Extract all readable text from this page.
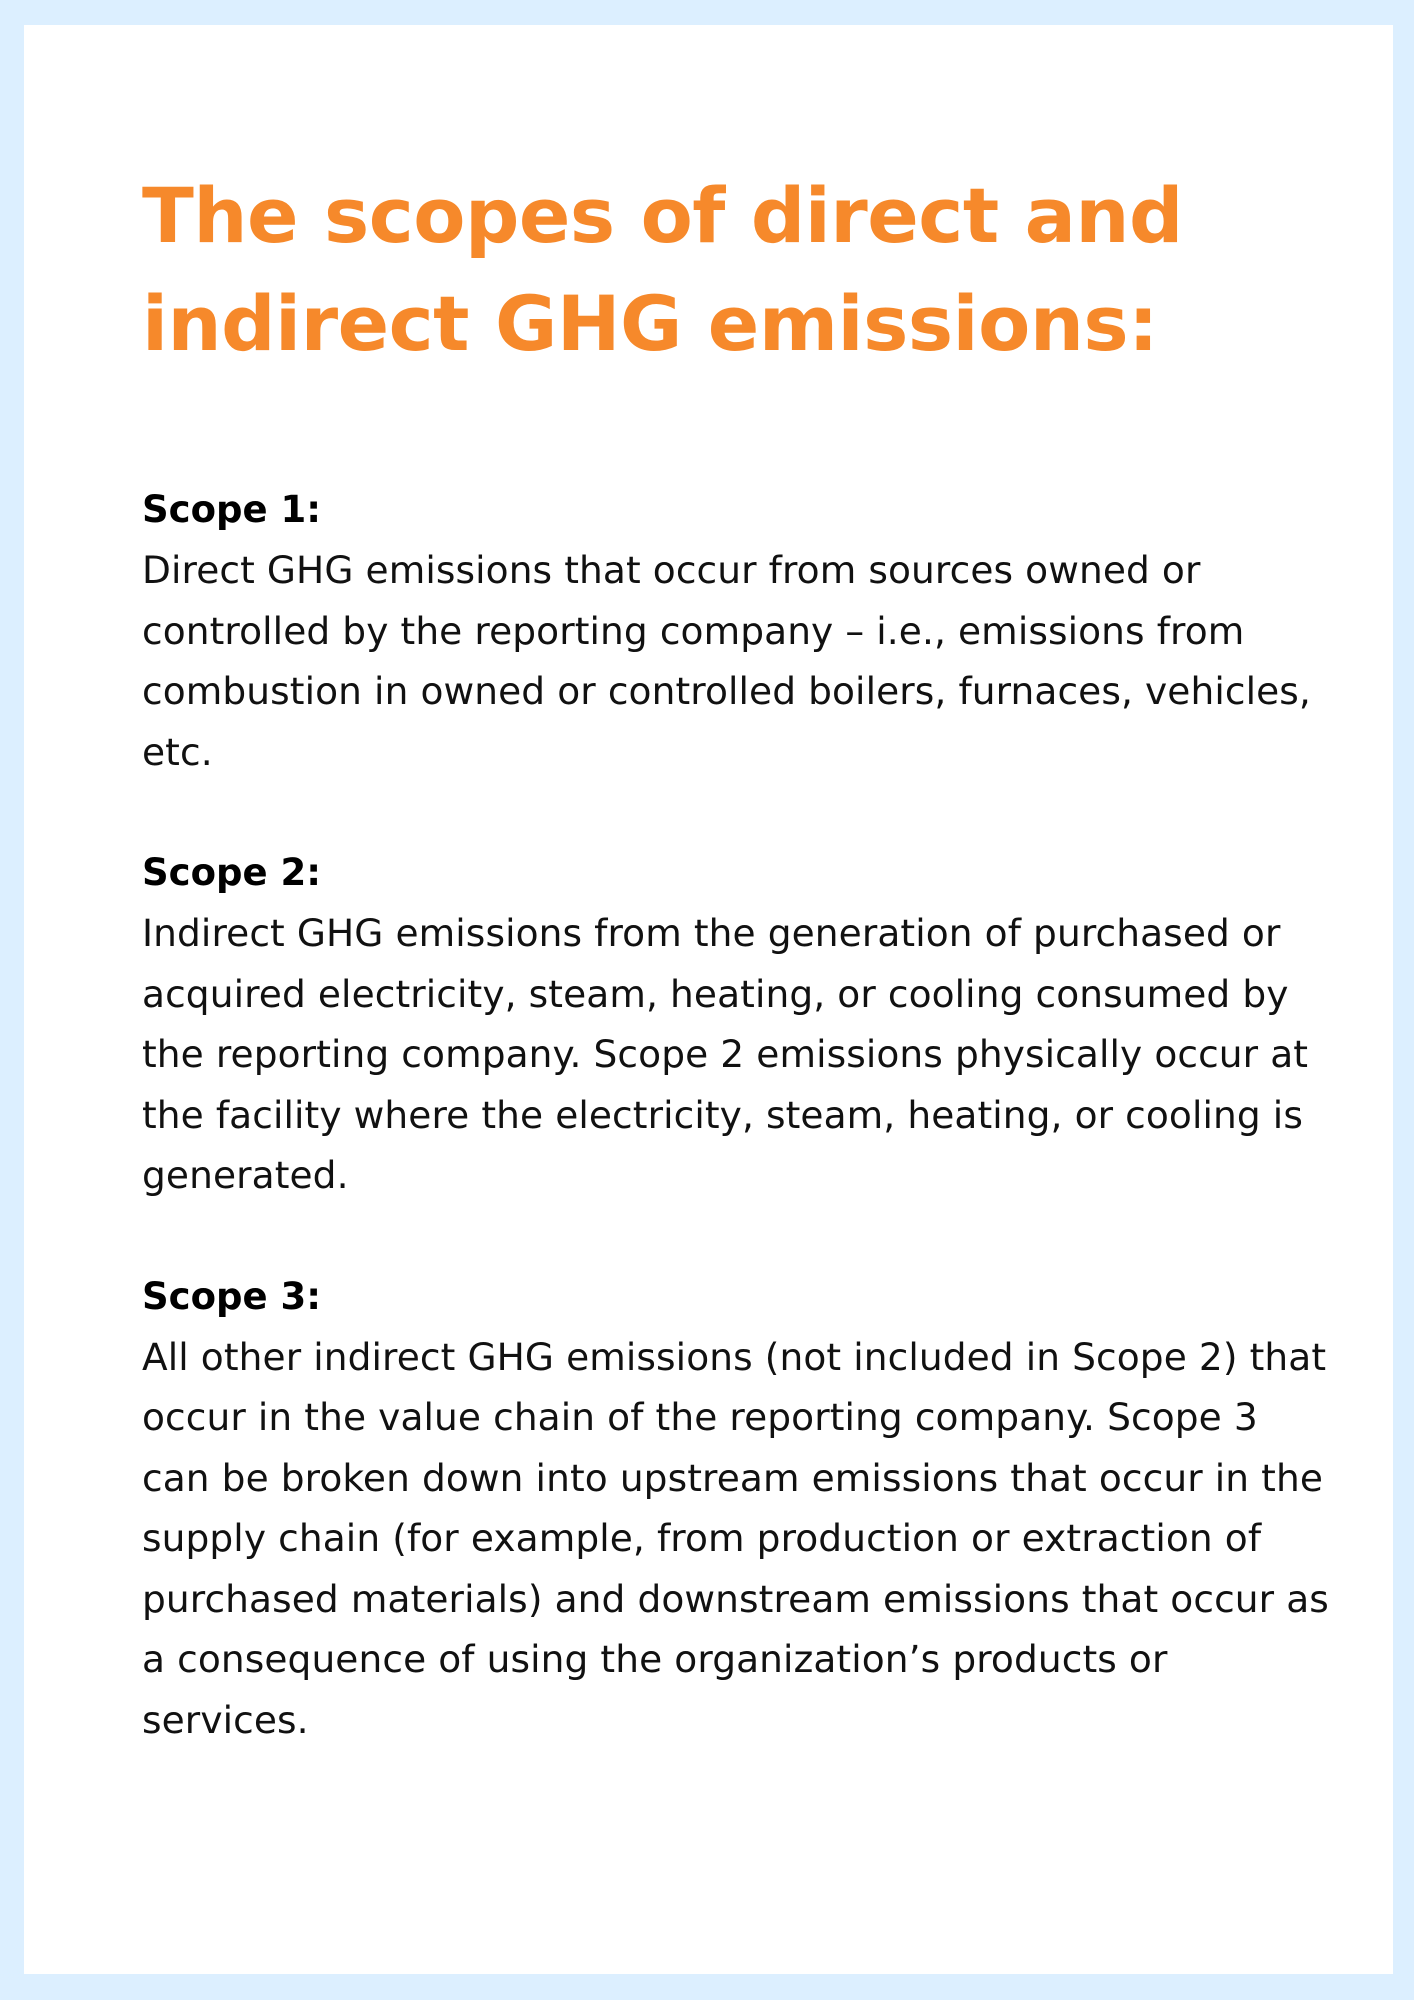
The scopes of direct and indirect GHG emissions:
Scope 1:

Direct GHG emissions that occur from sources owned or controlled by the reporting company – i.e., emissions from combustion in owned or controlled boilers, furnaces, vehicles, etc.

Scope 2:

Indirect GHG emissions from the generation of purchased or acquired electricity, steam, heating, or cooling consumed by the reporting company. Scope 2 emissions physically occur at the facility where the electricity, steam, heating, or cooling is generated.

Scope 3:

All other indirect GHG emissions (not included in Scope 2) that occur in the value chain of the reporting company. Scope 3 can be broken down into upstream emissions that occur in the supply chain (for example, from production or extraction of purchased materials) and downstream emissions that occur as a consequence of using the organization’s products or services.
